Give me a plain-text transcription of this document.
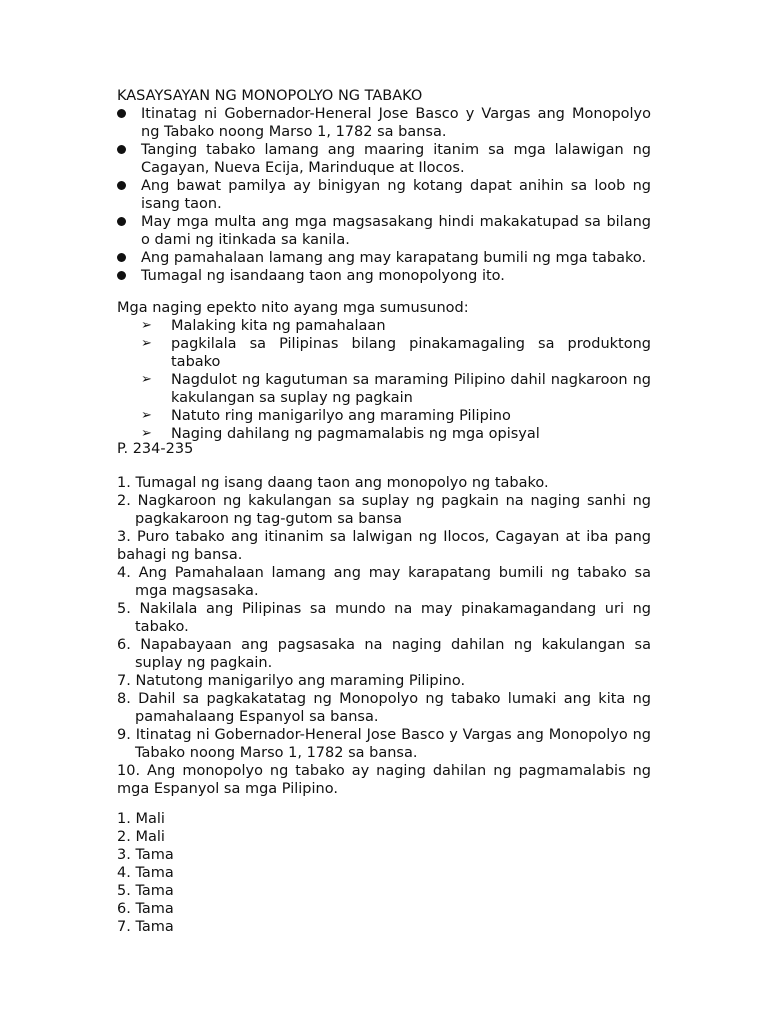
KASAYSAYAN NG MONOPOLYO NG TABAKO
Itinatag ni Gobernador-Heneral Jose Basco y Vargas ang Monopolyo ng Tabako noong Marso 1, 1782 sa bansa.
Tanging tabako lamang ang maaring itanim sa mga lalawigan ng Cagayan, Nueva Ecija, Marinduque at Ilocos.
Ang bawat pamilya ay binigyan ng kotang dapat anihin sa loob ng isang taon.
May mga multa ang mga magsasakang hindi makakatupad sa bilang o dami ng itinkada sa kanila.
Ang pamahalaan lamang ang may karapatang bumili ng mga tabako.
Tumagal ng isandaang taon ang monopolyong ito.
Mga naging epekto nito ayang mga sumusunod:
➢ Malaking kita ng pamahalaan
➢ pagkilala sa Pilipinas bilang pinakamagaling sa produktong tabako
➢ Nagdulot ng kagutuman sa maraming Pilipino dahil nagkaroon ng kakulangan sa suplay ng pagkain
➢ Natuto ring manigarilyo ang maraming Pilipino
➢ Naging dahilang ng pagmamalabis ng mga opisyal
P. 234-235
1. Tumagal ng isang daang taon ang monopolyo ng tabako.
2. Nagkaroon ng kakulangan sa suplay ng pagkain na naging sanhi ng pagkakaroon ng tag-gutom sa bansa
3. Puro tabako ang itinanim sa lalwigan ng Ilocos, Cagayan at iba pang bahagi ng bansa.
4. Ang Pamahalaan lamang ang may karapatang bumili ng tabako sa mga magsasaka.
5. Nakilala ang Pilipinas sa mundo na may pinakamagandang uri ng tabako.
6. Napabayaan ang pagsasaka na naging dahilan ng kakulangan sa suplay ng pagkain.
7. Natutong manigarilyo ang maraming Pilipino.
8. Dahil sa pagkakatatag ng Monopolyo ng tabako lumaki ang kita ng pamahalaang Espanyol sa bansa.
9. Itinatag ni Gobernador-Heneral Jose Basco y Vargas ang Monopolyo ng Tabako noong Marso 1, 1782 sa bansa.
10. Ang monopolyo ng tabako ay naging dahilan ng pagmamalabis ng mga Espanyol sa mga Pilipino.
1. Mali
2. Mali
3. Tama
4. Tama
5. Tama
6. Tama
7. Tama
